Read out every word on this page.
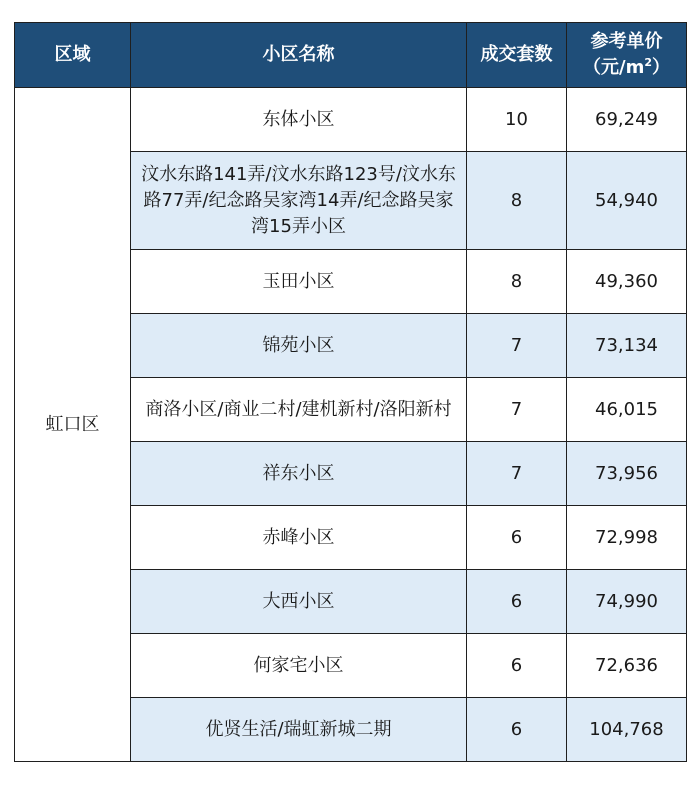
区域	小区名称	成交套数	参考单价
（元$/m^2$）

虹口区	东体小区	10	69,249
	汶水东路141弄/汶水东路123号/汶水东路77弄/纪念路吴家湾14弄/纪念路吴家湾15弄小区	8	54,940
	玉田小区	8	49,360
	锦苑小区	7	73,134
	商洛小区/商业二村/建机新村/洛阳新村	7	46,015
	祥东小区	7	73,956
	赤峰小区	6	72,998
	大西小区	6	74,990
	何家宅小区	6	72,636
	优贤生活/瑞虹新城二期	6	104,768
